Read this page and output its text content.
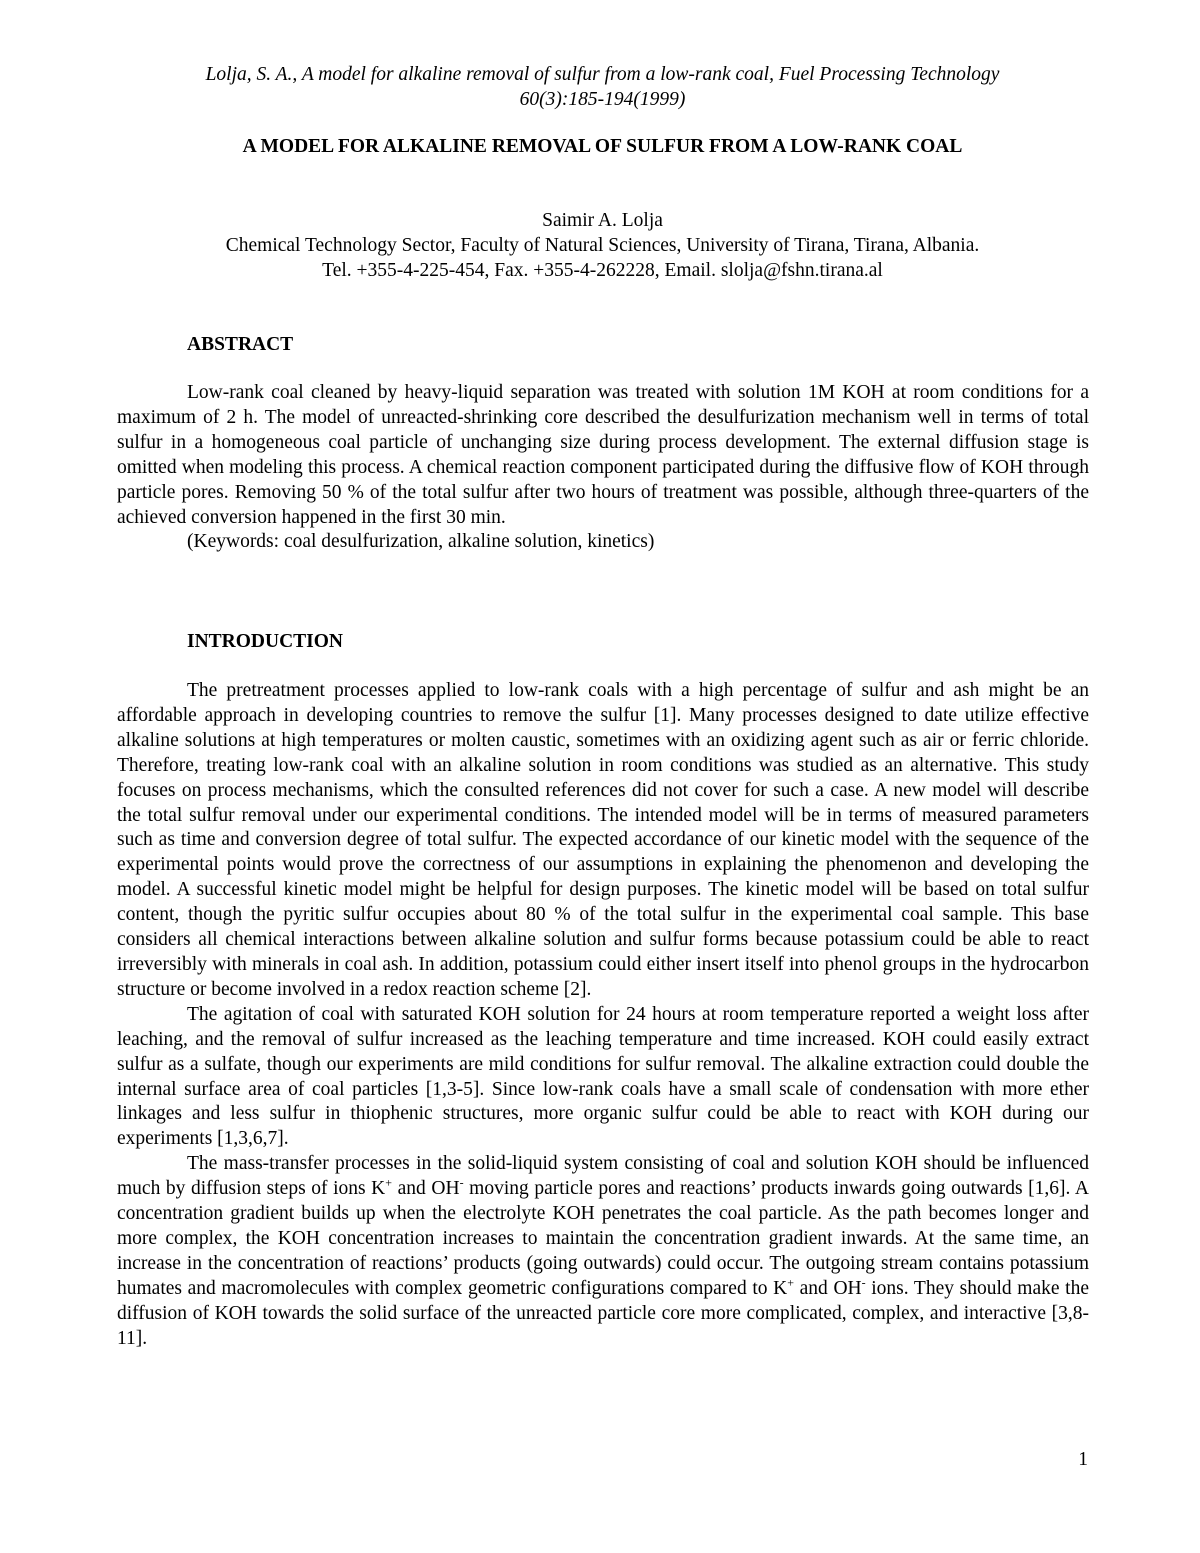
Lolja, S. A., A model for alkaline removal of sulfur from a low-rank coal, Fuel Processing Technology
60(3):185-194(1999)
A MODEL FOR ALKALINE REMOVAL OF SULFUR FROM A LOW-RANK COAL
Saimir A. Lolja
Chemical Technology Sector, Faculty of Natural Sciences, University of Tirana, Tirana, Albania.
Tel. +355-4-225-454, Fax. +355-4-262228, Email. slolja@fshn.tirana.al
ABSTRACT

Low-rank coal cleaned by heavy-liquid separation was treated with solution 1M KOH at room conditions for a maximum of 2 h. The model of unreacted-shrinking core described the desulfurization mechanism well in terms of total sulfur in a homogeneous coal particle of unchanging size during process development. The external diffusion stage is omitted when modeling this process. A chemical reaction component participated during the diffusive flow of KOH through particle pores. Removing 50 % of the total sulfur after two hours of treatment was possible, although three-quarters of the achieved conversion happened in the first 30 min.

(Keywords: coal desulfurization, alkaline solution, kinetics)

INTRODUCTION

The pretreatment processes applied to low-rank coals with a high percentage of sulfur and ash might be an affordable approach in developing countries to remove the sulfur [1]. Many processes designed to date utilize effective alkaline solutions at high temperatures or molten caustic, sometimes with an oxidizing agent such as air or ferric chloride. Therefore, treating low-rank coal with an alkaline solution in room conditions was studied as an alternative. This study focuses on process mechanisms, which the consulted references did not cover for such a case. A new model will describe the total sulfur removal under our experimental conditions. The intended model will be in terms of measured parameters such as time and conversion degree of total sulfur. The expected accordance of our kinetic model with the sequence of the experimental points would prove the correctness of our assumptions in explaining the phenomenon and developing the model. A successful kinetic model might be helpful for design purposes. The kinetic model will be based on total sulfur content, though the pyritic sulfur occupies about 80 % of the total sulfur in the experimental coal sample. This base considers all chemical interactions between alkaline solution and sulfur forms because potassium could be able to react irreversibly with minerals in coal ash. In addition, potassium could either insert itself into phenol groups in the hydrocarbon structure or become involved in a redox reaction scheme [2].

The agitation of coal with saturated KOH solution for 24 hours at room temperature reported a weight loss after leaching, and the removal of sulfur increased as the leaching temperature and time increased. KOH could easily extract sulfur as a sulfate, though our experiments are mild conditions for sulfur removal. The alkaline extraction could double the internal surface area of coal particles [1,3-5]. Since low-rank coals have a small scale of condensation with more ether linkages and less sulfur in thiophenic structures, more organic sulfur could be able to react with KOH during our experiments [1,3,6,7].

The mass-transfer processes in the solid-liquid system consisting of coal and solution KOH should be influenced much by diffusion steps of ions K+ and OH- moving particle pores and reactions’ products inwards going outwards [1,6]. A concentration gradient builds up when the electrolyte KOH penetrates the coal particle. As the path becomes longer and more complex, the KOH concentration increases to maintain the concentration gradient inwards. At the same time, an increase in the concentration of reactions’ products (going outwards) could occur. The outgoing stream contains potassium humates and macromolecules with complex geometric configurations compared to K+ and OH- ions. They should make the diffusion of KOH towards the solid surface of the unreacted particle core more complicated, complex, and interactive [3,8-11].

1
